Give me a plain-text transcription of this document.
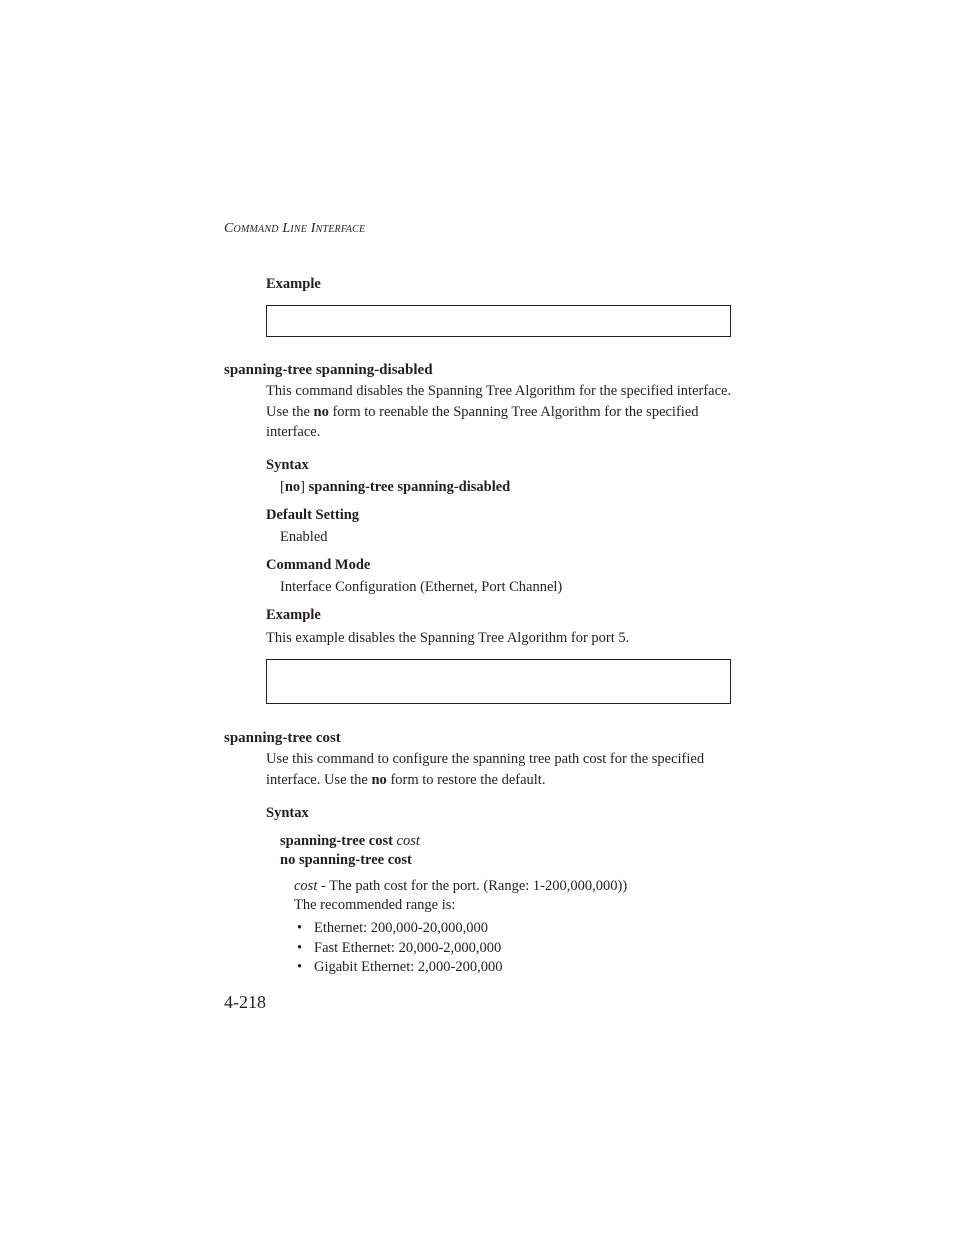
Command Line Interface
Example
spanning-tree spanning-disabled
This command disables the Spanning Tree Algorithm for the specified interface. Use the no form to reenable the Spanning Tree Algorithm for the specified interface.
Syntax
[no] spanning-tree spanning-disabled
Default Setting
Enabled
Command Mode
Interface Configuration (Ethernet, Port Channel)
Example
This example disables the Spanning Tree Algorithm for port 5.
spanning-tree cost
Use this command to configure the spanning tree path cost for the specified interface. Use the no form to restore the default.
Syntax
spanning-tree cost cost
no spanning-tree cost
cost - The path cost for the port. (Range: 1-200,000,000))
The recommended range is:
• Ethernet: 200,000-20,000,000
• Fast Ethernet: 20,000-2,000,000
• Gigabit Ethernet: 2,000-200,000
4-218
